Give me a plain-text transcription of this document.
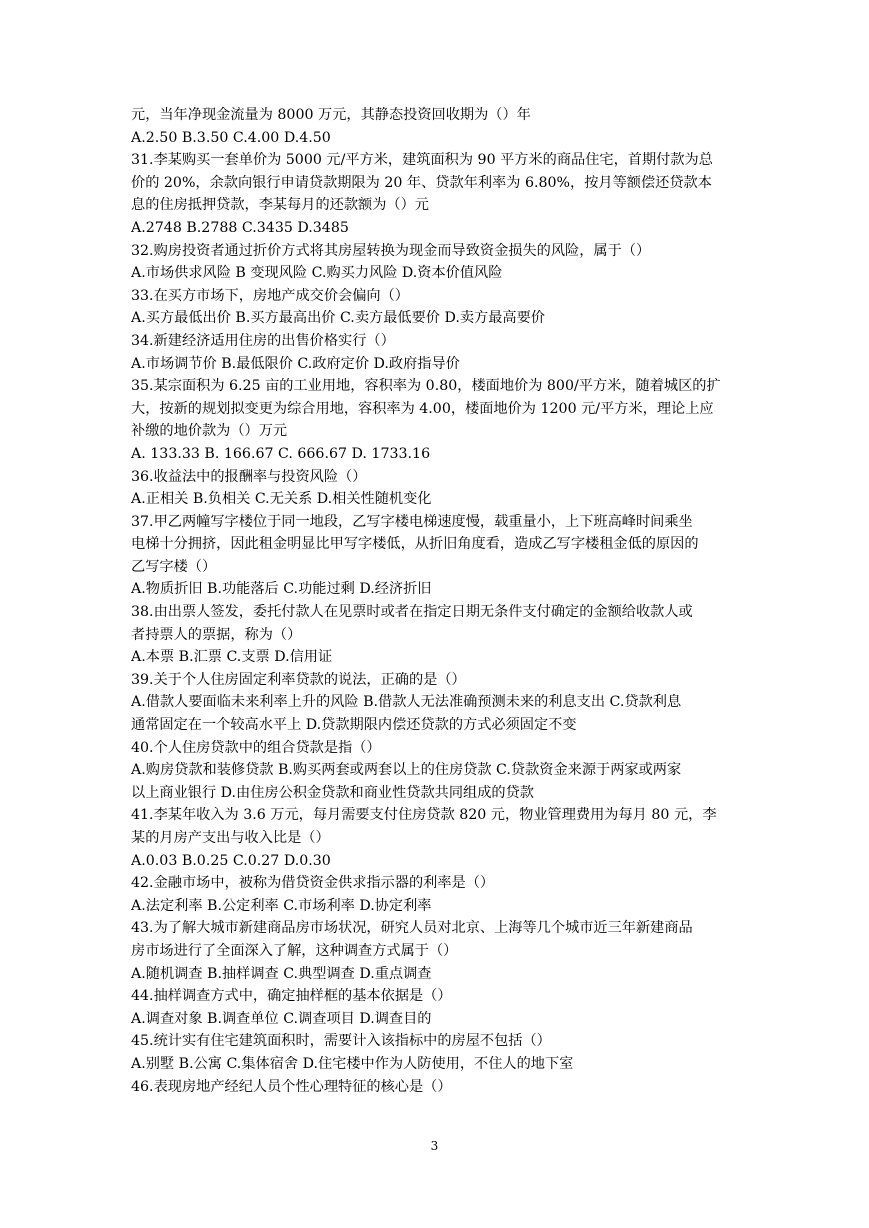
元，当年净现金流量为 8000 万元，其静态投资回收期为（）年
A.2.50 B.3.50 C.4.00 D.4.50
31.李某购买一套单价为 5000 元/平方米，建筑面积为 90 平方米的商品住宅，首期付款为总
价的 20%，余款向银行申请贷款期限为 20 年、贷款年利率为 6.80%，按月等额偿还贷款本
息的住房抵押贷款，李某每月的还款额为（）元
A.2748 B.2788 C.3435 D.3485
32.购房投资者通过折价方式将其房屋转换为现金而导致资金损失的风险，属于（）
A.市场供求风险 B 变现风险 C.购买力风险 D.资本价值风险
33.在买方市场下，房地产成交价会偏向（）
A.买方最低出价 B.买方最高出价 C.卖方最低要价 D.卖方最高要价
34.新建经济适用住房的出售价格实行（）
A.市场调节价 B.最低限价 C.政府定价 D.政府指导价
35.某宗面积为 6.25 亩的工业用地，容积率为 0.80，楼面地价为 800/平方米，随着城区的扩
大，按新的规划拟变更为综合用地，容积率为 4.00，楼面地价为 1200 元/平方米，理论上应
补缴的地价款为（）万元
A. 133.33 B. 166.67 C. 666.67 D. 1733.16
36.收益法中的报酬率与投资风险（）
A.正相关 B.负相关 C.无关系 D.相关性随机变化
37.甲乙两幢写字楼位于同一地段，乙写字楼电梯速度慢，载重量小，上下班高峰时间乘坐
电梯十分拥挤，因此租金明显比甲写字楼低，从折旧角度看，造成乙写字楼租金低的原因的
乙写字楼（）
A.物质折旧 B.功能落后 C.功能过剩 D.经济折旧
38.由出票人签发，委托付款人在见票时或者在指定日期无条件支付确定的金额给收款人或
者持票人的票据，称为（）
A.本票 B.汇票 C.支票 D.信用证
39.关于个人住房固定利率贷款的说法，正确的是（）
A.借款人要面临未来利率上升的风险 B.借款人无法准确预测未来的利息支出 C.贷款利息
通常固定在一个较高水平上 D.贷款期限内偿还贷款的方式必须固定不变
40.个人住房贷款中的组合贷款是指（）
A.购房贷款和装修贷款 B.购买两套或两套以上的住房贷款 C.贷款资金来源于两家或两家
以上商业银行 D.由住房公积金贷款和商业性贷款共同组成的贷款
41.李某年收入为 3.6 万元，每月需要支付住房贷款 820 元，物业管理费用为每月 80 元，李
某的月房产支出与收入比是（）
A.0.03 B.0.25 C.0.27 D.0.30
42.金融市场中，被称为借贷资金供求指示器的利率是（）
A.法定利率 B.公定利率 C.市场利率 D.协定利率
43.为了解大城市新建商品房市场状况，研究人员对北京、上海等几个城市近三年新建商品
房市场进行了全面深入了解，这种调查方式属于（）
A.随机调查 B.抽样调查 C.典型调查 D.重点调查
44.抽样调查方式中，确定抽样框的基本依据是（）
A.调查对象 B.调查单位 C.调查项目 D.调查目的
45.统计实有住宅建筑面积时，需要计入该指标中的房屋不包括（）
A.别墅 B.公寓 C.集体宿舍 D.住宅楼中作为人防使用，不住人的地下室
46.表现房地产经纪人员个性心理特征的核心是（）
3
